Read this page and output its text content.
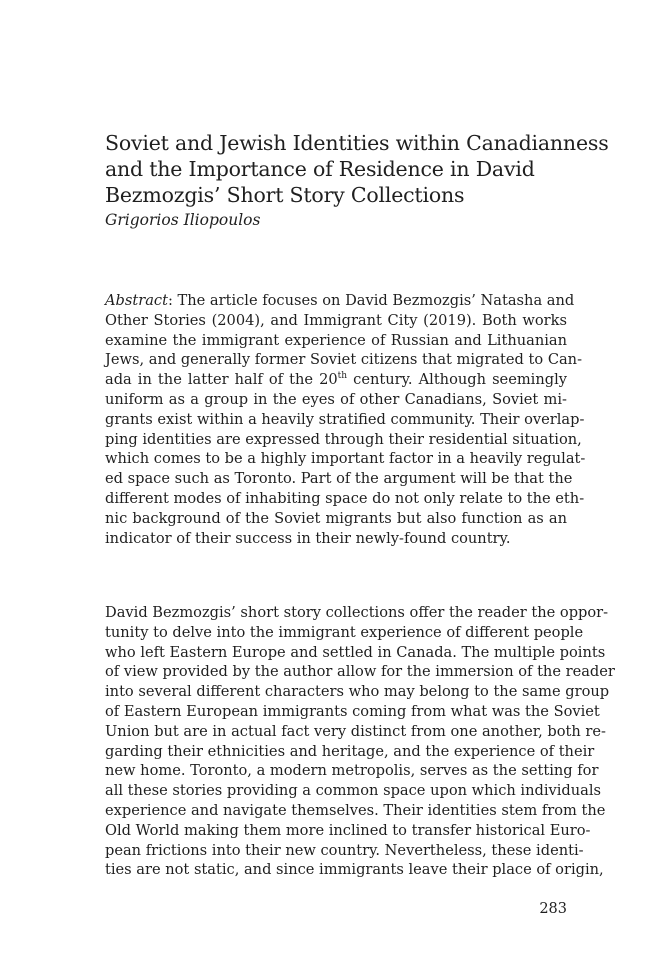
Soviet and Jewish Identities within Canadianness
and the Importance of Residence in David
Bezmozgis’ Short Story Collections
Grigorios Iliopoulos
Abstract: The article focuses on David Bezmozgis’ Natasha and
Other Stories (2004), and Immigrant City (2019). Both works
examine the immigrant experience of Russian and Lithuanian
Jews, and generally former Soviet citizens that migrated to Can-
ada in the latter half of the 20th century. Although seemingly
uniform as a group in the eyes of other Canadians, Soviet mi-
grants exist within a heavily stratified community. Their overlap-
ping identities are expressed through their residential situation,
which comes to be a highly important factor in a heavily regulat-
ed space such as Toronto. Part of the argument will be that the
different modes of inhabiting space do not only relate to the eth-
nic background of the Soviet migrants but also function as an
indicator of their success in their newly-found country.
David Bezmozgis’ short story collections offer the reader the oppor-
tunity to delve into the immigrant experience of different people
who left Eastern Europe and settled in Canada. The multiple points
of view provided by the author allow for the immersion of the reader
into several different characters who may belong to the same group
of Eastern European immigrants coming from what was the Soviet
Union but are in actual fact very distinct from one another, both re-
garding their ethnicities and heritage, and the experience of their
new home. Toronto, a modern metropolis, serves as the setting for
all these stories providing a common space upon which individuals
experience and navigate themselves. Their identities stem from the
Old World making them more inclined to transfer historical Euro-
pean frictions into their new country. Nevertheless, these identi-
ties are not static, and since immigrants leave their place of origin,
283
